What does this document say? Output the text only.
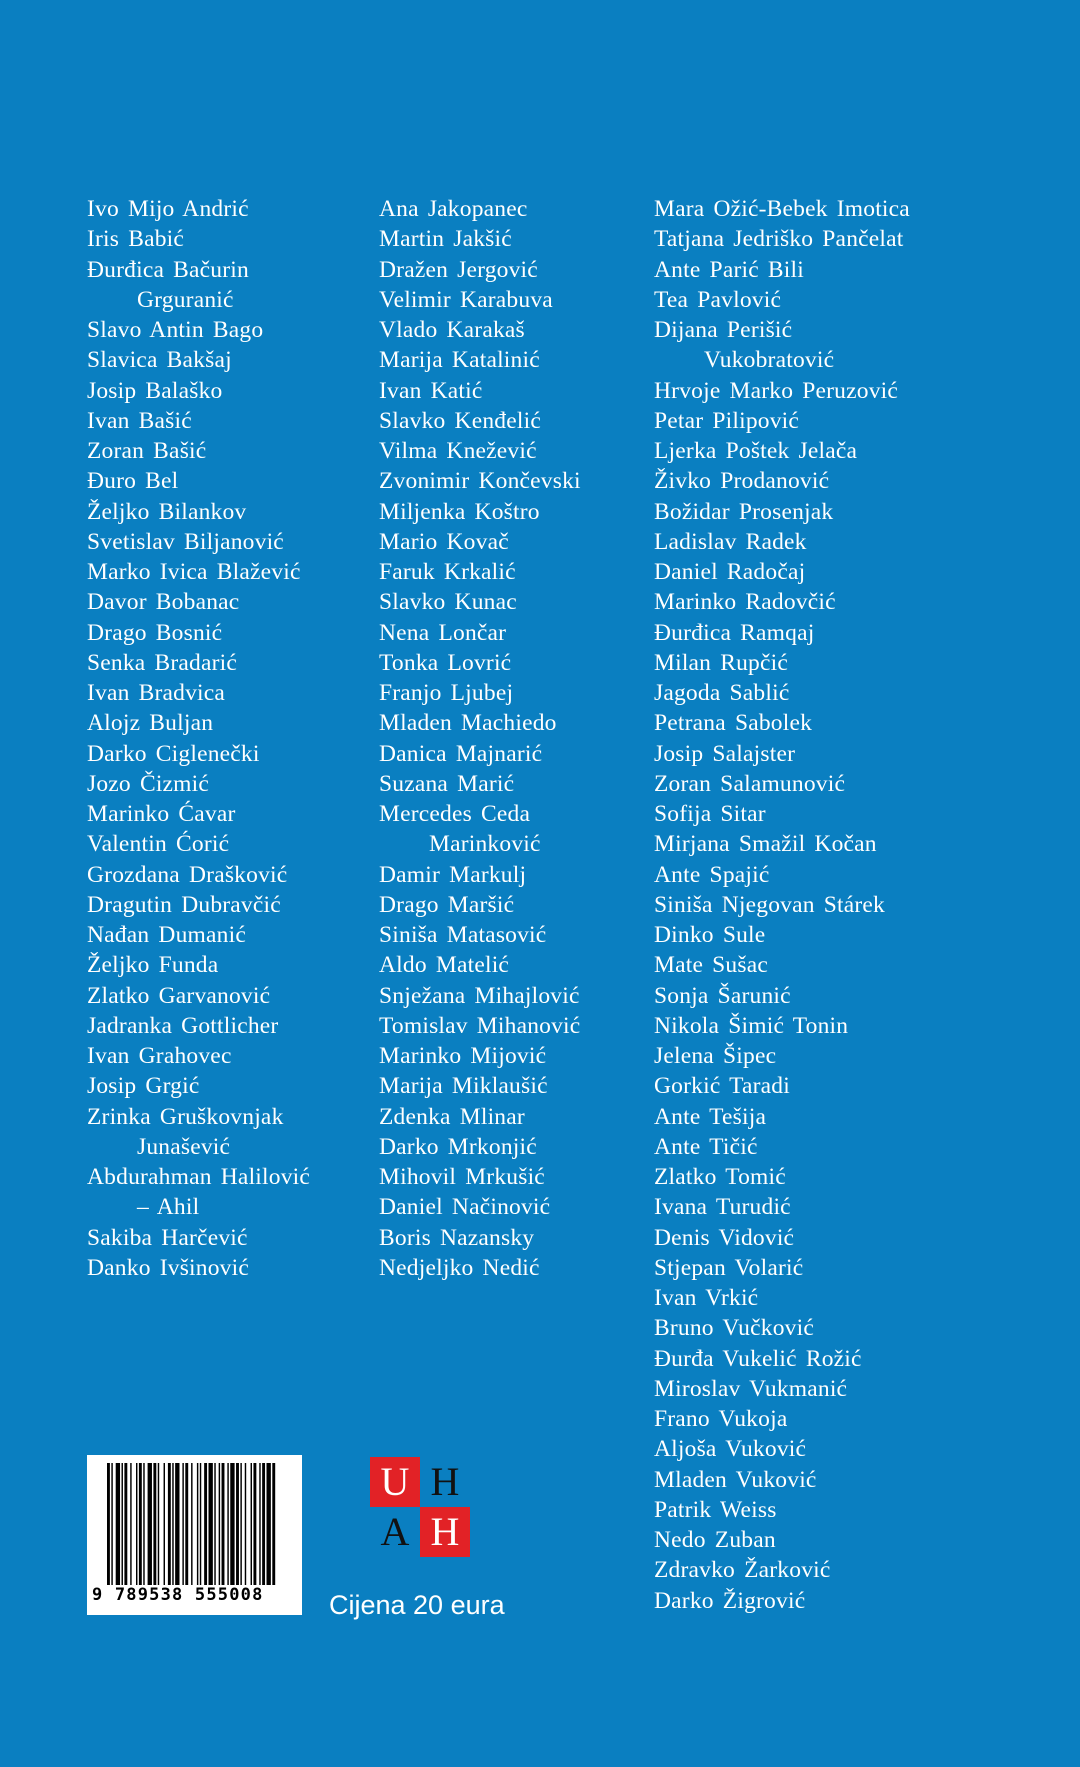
Ivo Mijo Andrić
Iris Babić
Đurđica Bačurin
Grguranić
Slavo Antin Bago
Slavica Bakšaj
Josip Balaško
Ivan Bašić
Zoran Bašić
Đuro Bel
Željko Bilankov
Svetislav Biljanović
Marko Ivica Blažević
Davor Bobanac
Drago Bosnić
Senka Bradarić
Ivan Bradvica
Alojz Buljan
Darko Ciglenečki
Jozo Čizmić
Marinko Ćavar
Valentin Ćorić
Grozdana Drašković
Dragutin Dubravčić
Nađan Dumanić
Željko Funda
Zlatko Garvanović
Jadranka Gottlicher
Ivan Grahovec
Josip Grgić
Zrinka Gruškovnjak
Junašević
Abdurahman Halilović
– Ahil
Sakiba Harčević
Danko Ivšinović
Ana Jakopanec
Martin Jakšić
Dražen Jergović
Velimir Karabuva
Vlado Karakaš
Marija Katalinić
Ivan Katić
Slavko Kenđelić
Vilma Knežević
Zvonimir Končevski
Miljenka Koštro
Mario Kovač
Faruk Krkalić
Slavko Kunac
Nena Lončar
Tonka Lovrić
Franjo Ljubej
Mladen Machiedo
Danica Majnarić
Suzana Marić
Mercedes Ceda
Marinković
Damir Markulj
Drago Maršić
Siniša Matasović
Aldo Matelić
Snježana Mihajlović
Tomislav Mihanović
Marinko Mijović
Marija Miklaušić
Zdenka Mlinar
Darko Mrkonjić
Mihovil Mrkušić
Daniel Načinović
Boris Nazansky
Nedjeljko Nedić
Mara Ožić-Bebek Imotica
Tatjana Jedriško Pančelat
Ante Parić Bili
Tea Pavlović
Dijana Perišić
Vukobratović
Hrvoje Marko Peruzović
Petar Pilipović
Ljerka Poštek Jelača
Živko Prodanović
Božidar Prosenjak
Ladislav Radek
Daniel Radočaj
Marinko Radovčić
Đurđica Ramqaj
Milan Rupčić
Jagoda Sablić
Petrana Sabolek
Josip Salajster
Zoran Salamunović
Sofija Sitar
Mirjana Smažil Kočan
Ante Spajić
Siniša Njegovan Stárek
Dinko Sule
Mate Sušac
Sonja Šarunić
Nikola Šimić Tonin
Jelena Šipec
Gorkić Taradi
Ante Tešija
Ante Tičić
Zlatko Tomić
Ivana Turudić
Denis Vidović
Stjepan Volarić
Ivan Vrkić
Bruno Vučković
Đurđa Vukelić Rožić
Miroslav Vukmanić
Frano Vukoja
Aljoša Vuković
Mladen Vuković
Patrik Weiss
Nedo Zuban
Zdravko Žarković
Darko Žigrović
9 789538 555008
U H
A H
Cijena 20 eura
